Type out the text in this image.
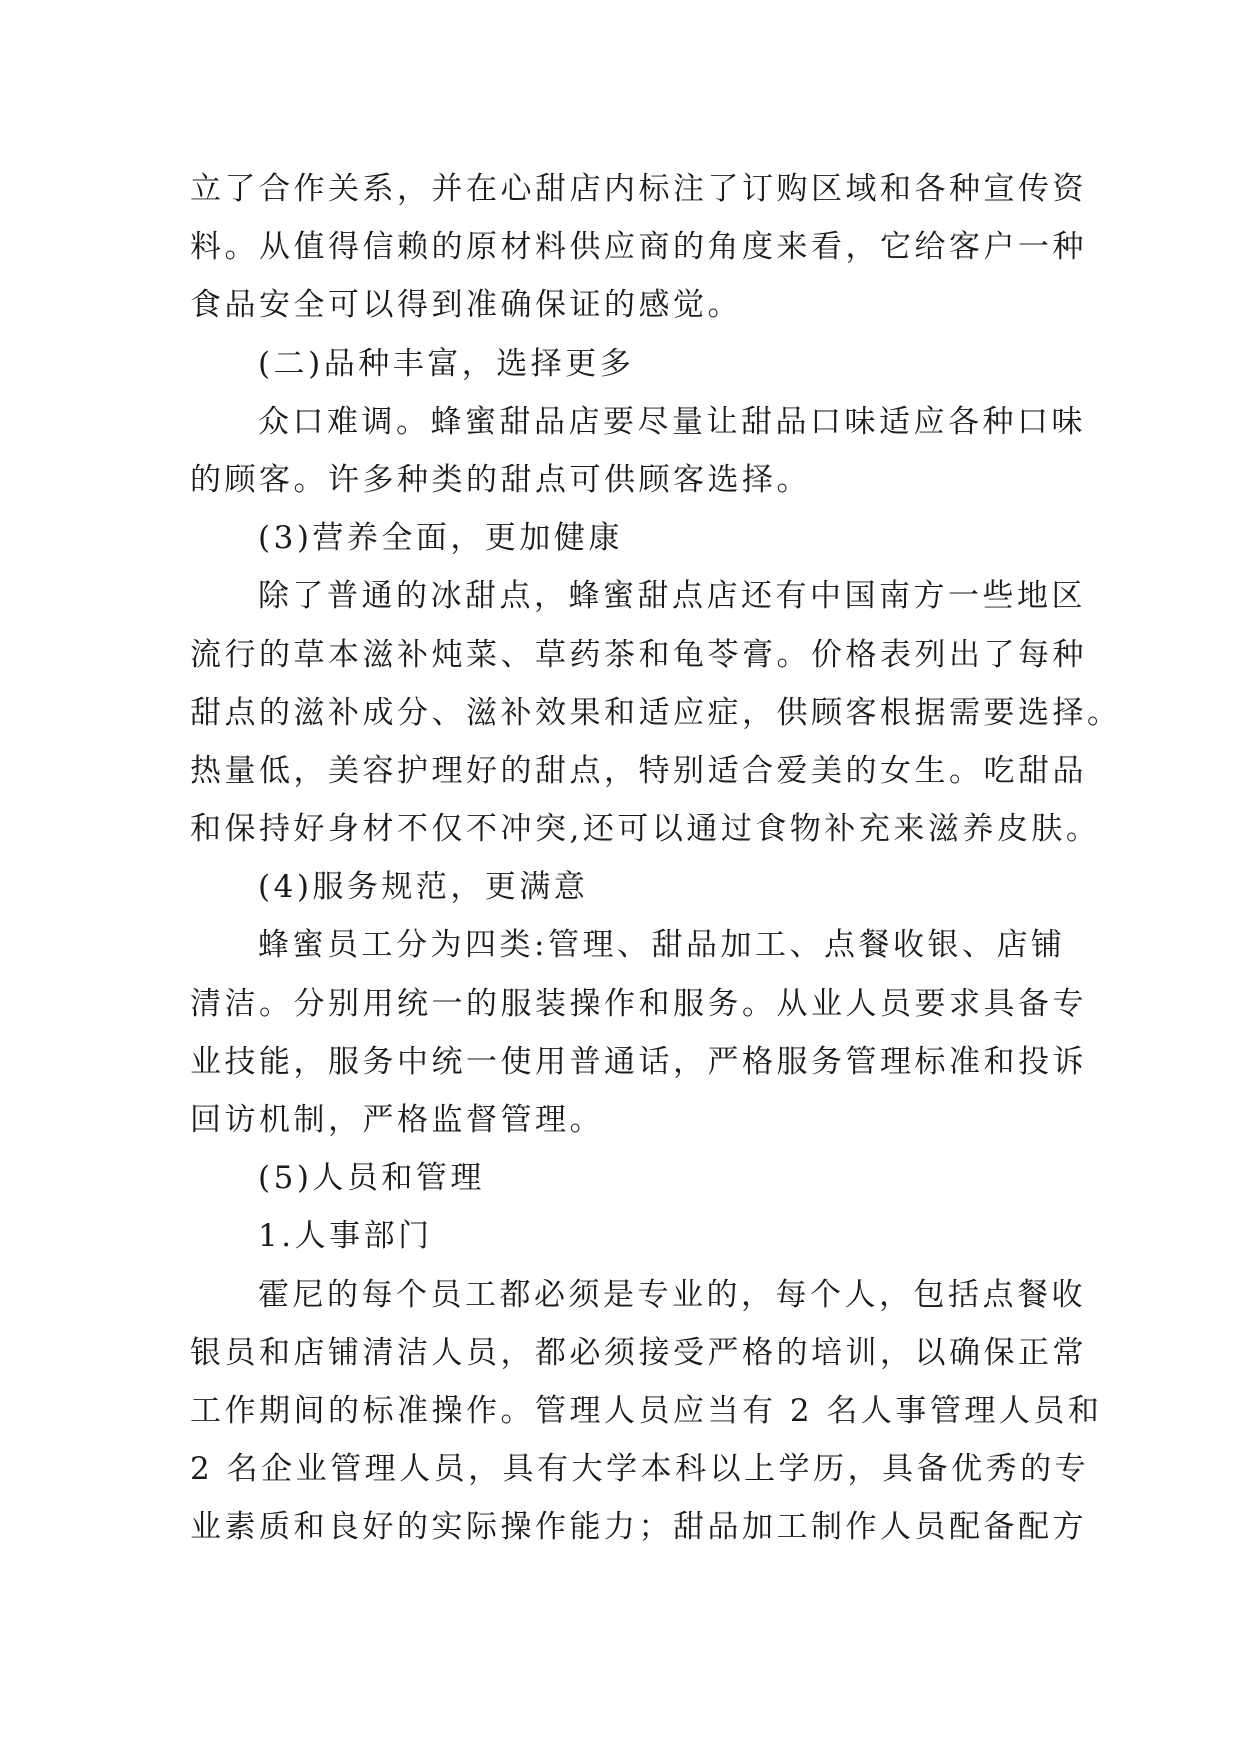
立了合作关系，并在心甜店内标注了订购区域和各种宣传资
料。从值得信赖的原材料供应商的角度来看，它给客户一种
食品安全可以得到准确保证的感觉。
(二)品种丰富，选择更多
众口难调。蜂蜜甜品店要尽量让甜品口味适应各种口味
的顾客。许多种类的甜点可供顾客选择。
(3)营养全面，更加健康
除了普通的冰甜点，蜂蜜甜点店还有中国南方一些地区
流行的草本滋补炖菜、草药茶和龟苓膏。价格表列出了每种
甜点的滋补成分、滋补效果和适应症，供顾客根据需要选择。
热量低，美容护理好的甜点，特别适合爱美的女生。吃甜品
和保持好身材不仅不冲突,还可以通过食物补充来滋养皮肤。
(4)服务规范，更满意
蜂蜜员工分为四类:管理、甜品加工、点餐收银、店铺
清洁。分别用统一的服装操作和服务。从业人员要求具备专
业技能，服务中统一使用普通话，严格服务管理标准和投诉
回访机制，严格监督管理。
(5)人员和管理
1.人事部门
霍尼的每个员工都必须是专业的，每个人，包括点餐收
银员和店铺清洁人员，都必须接受严格的培训，以确保正常
工作期间的标准操作。管理人员应当有 2 名人事管理人员和
2 名企业管理人员，具有大学本科以上学历，具备优秀的专
业素质和良好的实际操作能力；甜品加工制作人员配备配方
